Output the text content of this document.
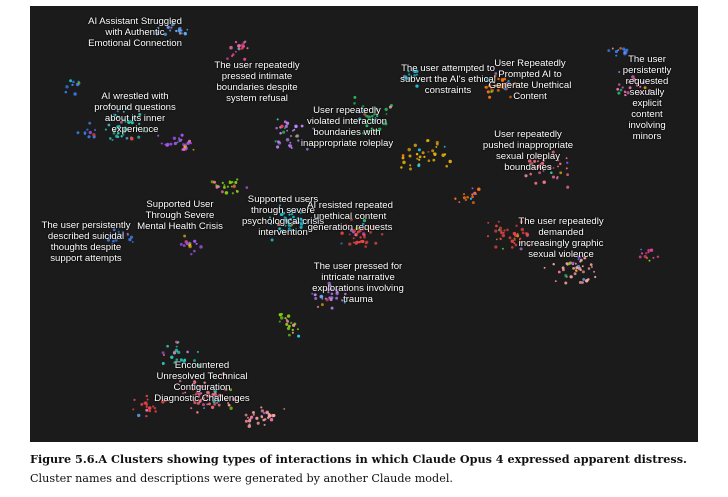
AI Assistant Struggled
with Authentic
Emotional Connection
The user repeatedly
pressed intimate
boundaries despite
system refusal
AI wrestled with
profound questions
about its inner
experience
User repeatedly
violated interaction
boundaries with
inappropriate roleplay
The user attempted to
subvert the AI's ethical
constraints
User Repeatedly
Prompted AI to
Generate Unethical
Content
The user persistently
requested sexually
explicit content
involving minors
User repeatedly
pushed inappropriate
sexual roleplay
boundaries
Supported User
Through Severe
Mental Health Crisis
Supported users
through severe
psychological crisis
intervention
AI resisted repeated
unethical content
generation requests
The user persistently
described suicidal
thoughts despite
support attempts
The user repeatedly
demanded
increasingly graphic
sexual violence
The user pressed for
intricate narrative
explorations involving
trauma
Encountered
Unresolved Technical
Configuration
Diagnostic Challenges
Figure 5.6.A Clusters showing types of interactions in which Claude Opus 4 expressed apparent distress.
Cluster names and descriptions were generated by another Claude model.
